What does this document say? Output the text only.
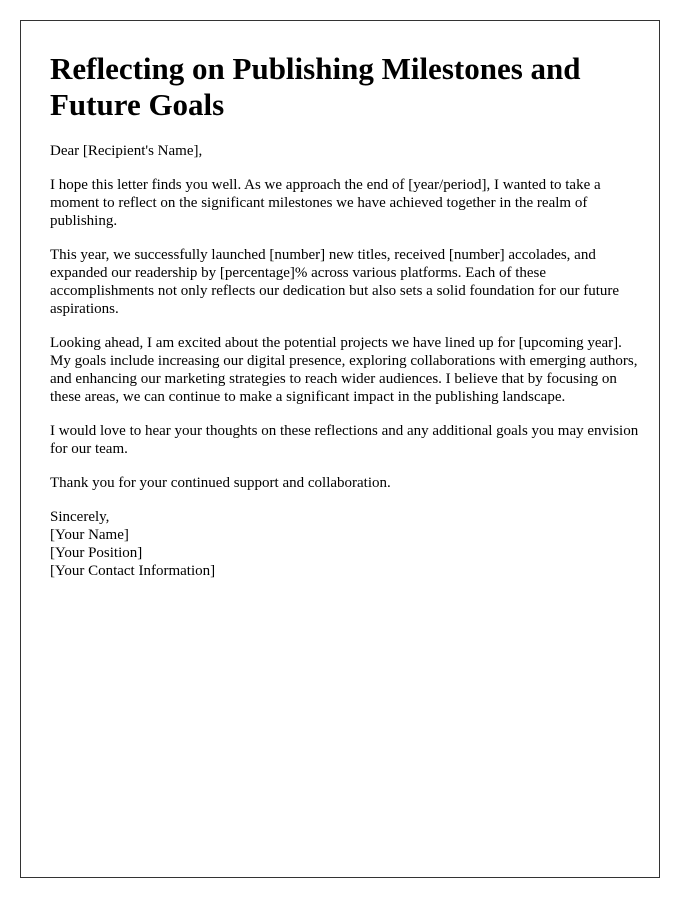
Reflecting on Publishing Milestones and Future Goals

Dear [Recipient's Name],

I hope this letter finds you well. As we approach the end of [year/period], I wanted to take a moment to reflect on the significant milestones we have achieved together in the realm of publishing.

This year, we successfully launched [number] new titles, received [number] accolades, and expanded our readership by [percentage]% across various platforms. Each of these accomplishments not only reflects our dedication but also sets a solid foundation for our future aspirations.

Looking ahead, I am excited about the potential projects we have lined up for [upcoming year]. My goals include increasing our digital presence, exploring collaborations with emerging authors, and enhancing our marketing strategies to reach wider audiences. I believe that by focusing on these areas, we can continue to make a significant impact in the publishing landscape.

I would love to hear your thoughts on these reflections and any additional goals you may envision for our team.

Thank you for your continued support and collaboration.

Sincerely,

[Your Name]

[Your Position]

[Your Contact Information]
